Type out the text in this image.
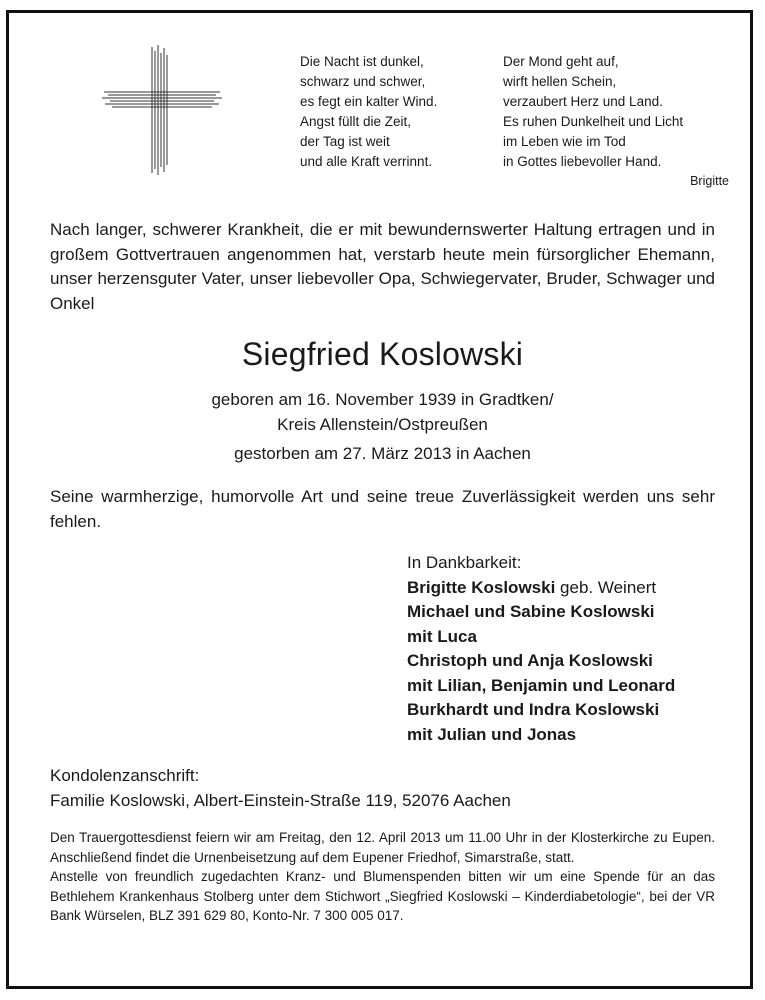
Die Nacht ist dunkel,
schwarz und schwer,
es fegt ein kalter Wind.
Angst füllt die Zeit,
der Tag ist weit
und alle Kraft verrinnt.
Der Mond geht auf,
wirft hellen Schein,
verzaubert Herz und Land.
Es ruhen Dunkelheit und Licht
im Leben wie im Tod
in Gottes liebevoller Hand.
Brigitte
Nach langer, schwerer Krankheit, die er mit bewundernswerter Haltung ertragen und in großem Gottvertrauen angenommen hat, verstarb heute mein fürsorglicher Ehemann, unser herzensguter Vater, unser liebevoller Opa, Schwiegervater, Bruder, Schwager und Onkel
Siegfried Koslowski
geboren am 16. November 1939 in Gradtken/
Kreis Allenstein/Ostpreußen
gestorben am 27. März 2013 in Aachen
Seine warmherzige, humorvolle Art und seine treue Zuverlässigkeit werden uns sehr fehlen.
In Dankbarkeit:
Brigitte Koslowski geb. Weinert
Michael und Sabine Koslowski
mit Luca
Christoph und Anja Koslowski
mit Lilian, Benjamin und Leonard
Burkhardt und Indra Koslowski
mit Julian und Jonas
Kondolenzanschrift:
Familie Koslowski, Albert-Einstein-Straße 119, 52076 Aachen

Den Trauergottesdienst feiern wir am Freitag, den 12. April 2013 um 11.00 Uhr in der Klosterkirche zu Eupen. Anschließend findet die Urnenbeisetzung auf dem Eupener Friedhof, Simarstraße, statt.

Anstelle von freundlich zugedachten Kranz- und Blumenspenden bitten wir um eine Spende für an das Bethlehem Krankenhaus Stolberg unter dem Stichwort „Siegfried Koslowski – Kinderdiabetologie“, bei der VR Bank Würselen, BLZ 391 629 80, Konto-Nr. 7 300 005 017.
